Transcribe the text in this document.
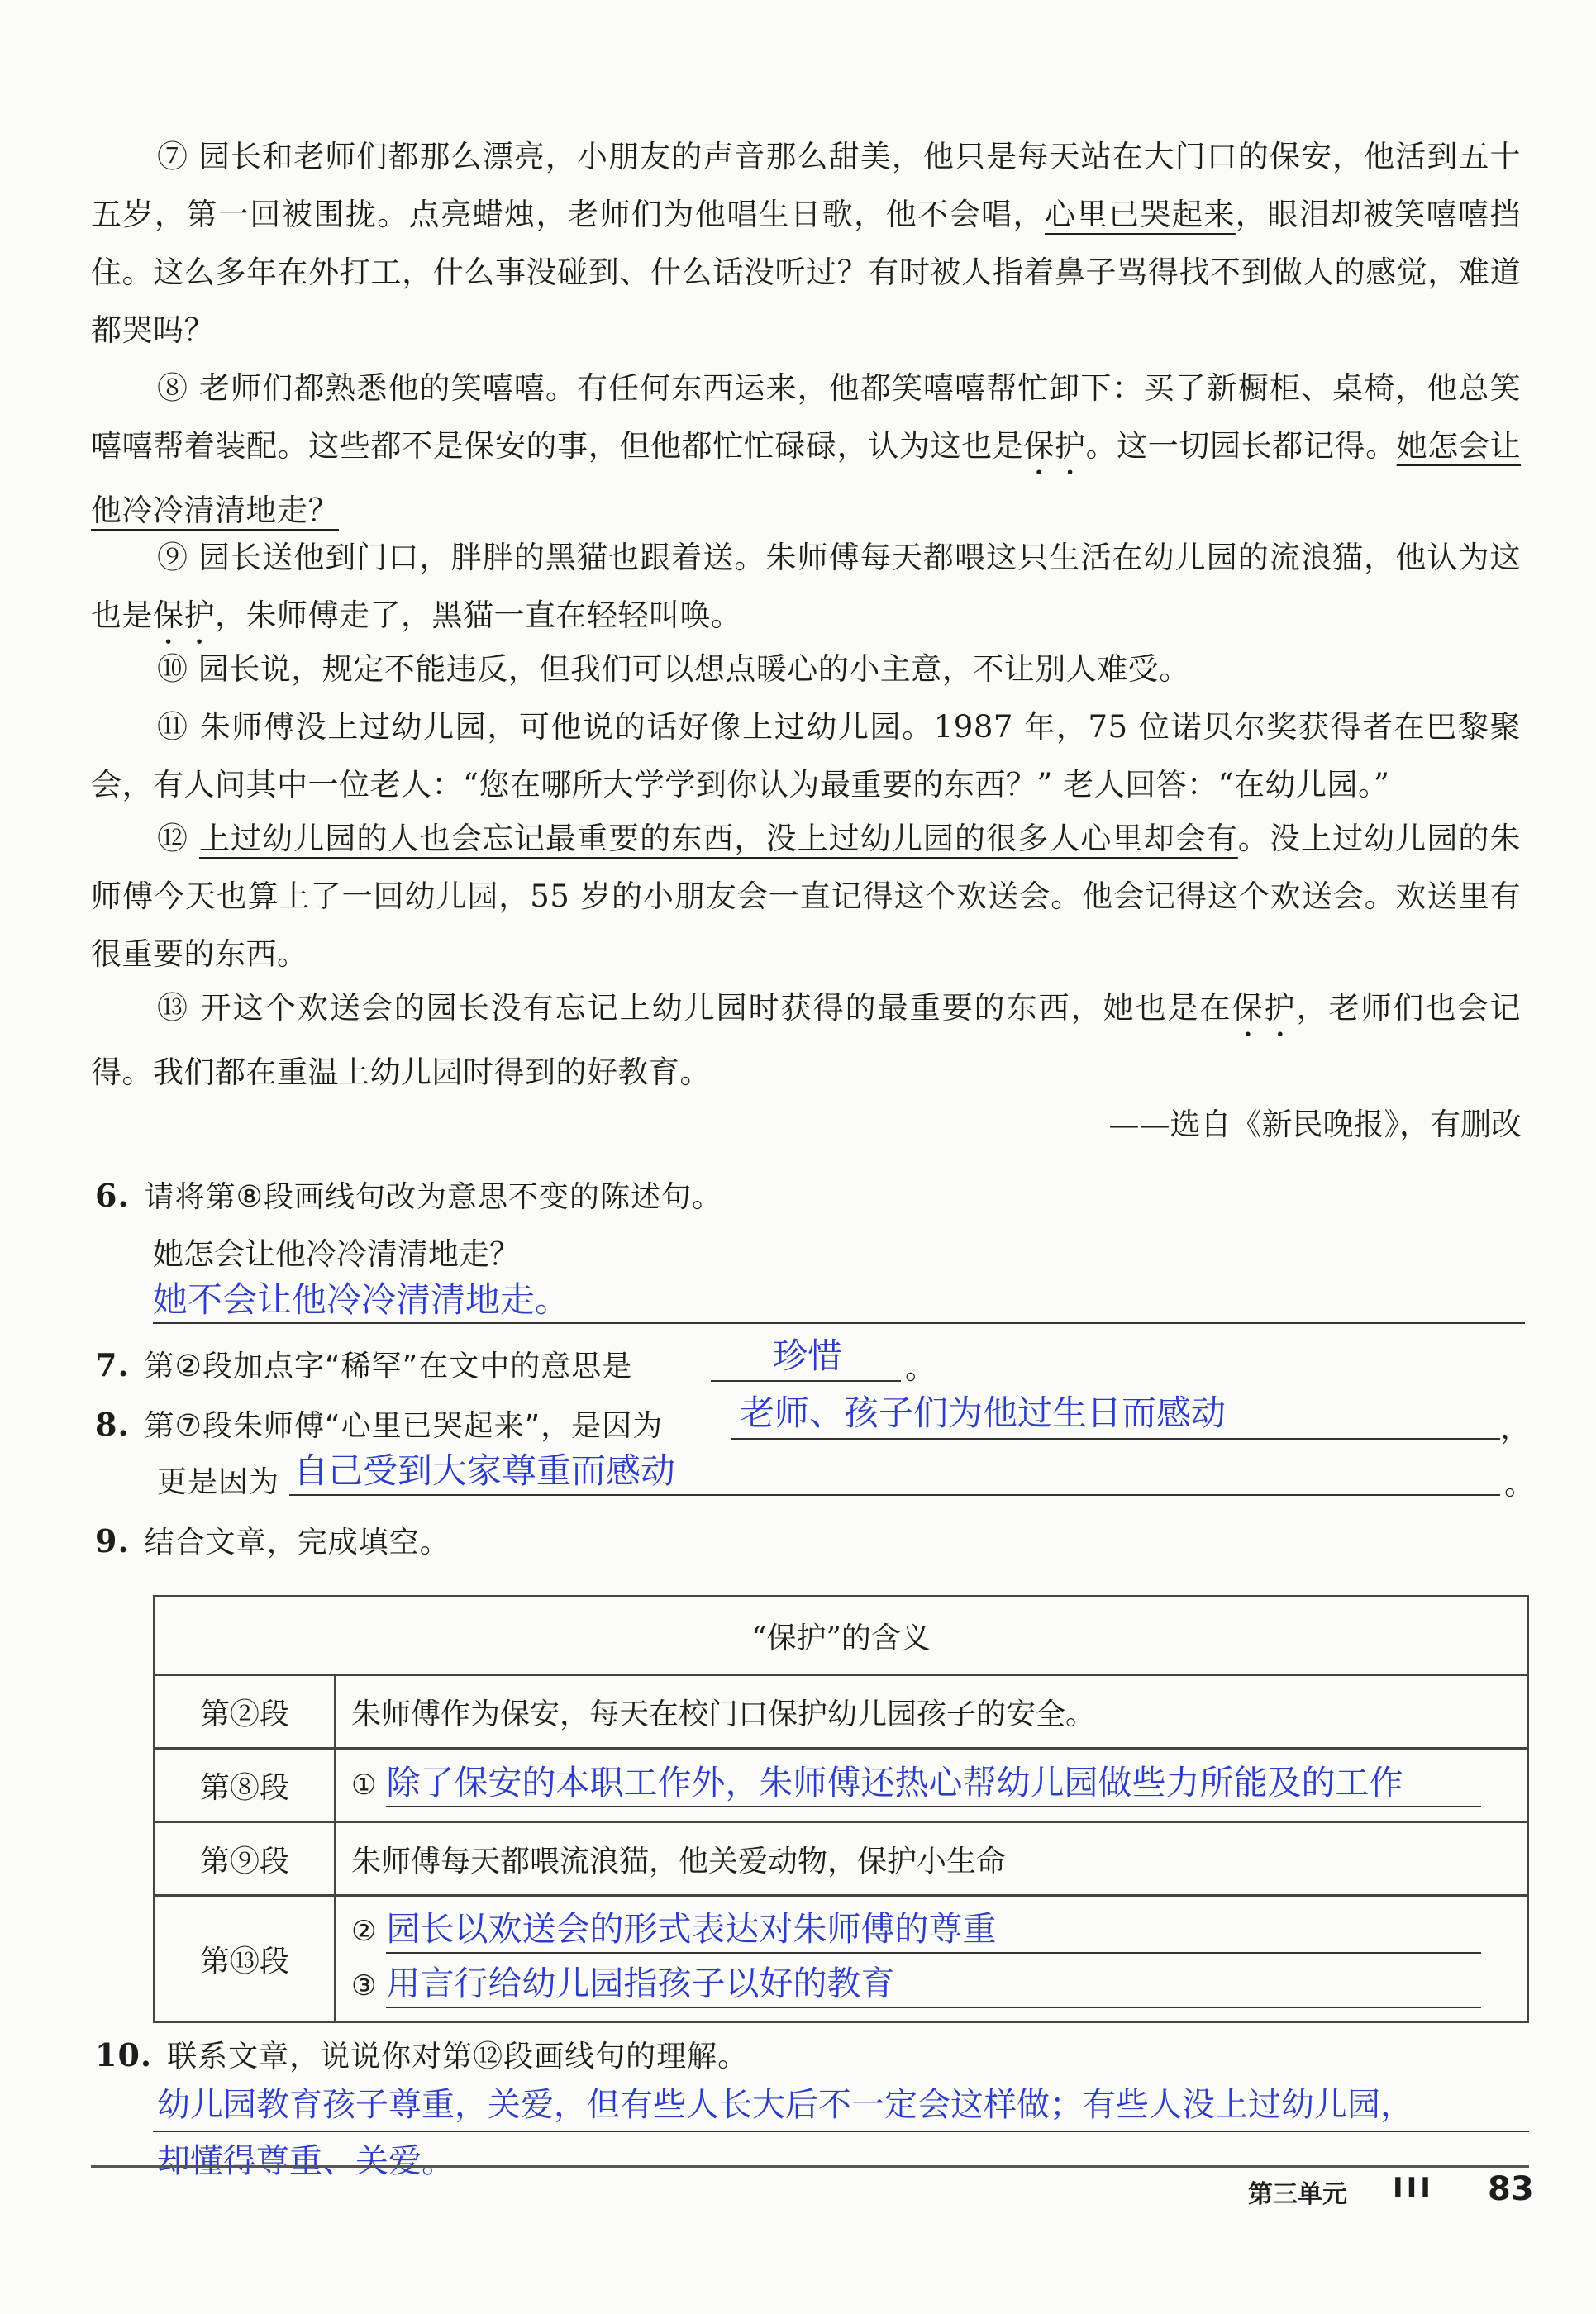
⑦ 园长和老师们都那么漂亮，小朋友的声音那么甜美，他只是每天站在大门口的保安，他活到五十五岁，第一回被围拢。点亮蜡烛，老师们为他唱生日歌，他不会唱，心里已哭起来，眼泪却被笑嘻嘻挡住。这么多年在外打工，什么事没碰到、什么话没听过？有时被人指着鼻子骂得找不到做人的感觉，难道都哭吗？

⑧ 老师们都熟悉他的笑嘻嘻。有任何东西运来，他都笑嘻嘻帮忙卸下：买了新橱柜、桌椅，他总笑嘻嘻帮着装配。这些都不是保安的事，但他都忙忙碌碌，认为这也是保护。这一切园长都记得。她怎会让他冷冷清清地走？

⑨ 园长送他到门口，胖胖的黑猫也跟着送。朱师傅每天都喂这只生活在幼儿园的流浪猫，他认为这也是保护，朱师傅走了，黑猫一直在轻轻叫唤。

⑩ 园长说，规定不能违反，但我们可以想点暖心的小主意，不让别人难受。

⑪ 朱师傅没上过幼儿园，可他说的话好像上过幼儿园。1987 年，75 位诺贝尔奖获得者在巴黎聚会，有人问其中一位老人：“您在哪所大学学到你认为最重要的东西？” 老人回答：“在幼儿园。”

⑫ 上过幼儿园的人也会忘记最重要的东西，没上过幼儿园的很多人心里却会有。没上过幼儿园的朱师傅今天也算上了一回幼儿园，55 岁的小朋友会一直记得这个欢送会。他会记得这个欢送会。欢送里有很重要的东西。

⑬ 开这个欢送会的园长没有忘记上幼儿园时获得的最重要的东西，她也是在保护，老师们也会记得。我们都在重温上幼儿园时得到的好教育。

——选自《新民晚报》，有删改
6. 请将第⑧段画线句改为意思不变的陈述句。
她怎会让他冷冷清清地走？
她不会让他冷冷清清地走。
7. 第②段加点字“稀罕”在文中的意思是	珍惜 。
8. 第⑦段朱师傅“心里已哭起来”，是因为 老师、孩子们为他过生日而感动	，
更是因为 自己受到大家尊重而感动	。
9. 结合文章，完成填空。
“保护”的含义	
第②段	朱师傅作为保安，每天在校门口保护幼儿园孩子的安全。
第⑧段	① 除了保安的本职工作外，朱师傅还热心帮幼儿园做些力所能及的工作

第⑨段	朱师傅每天都喂流浪猫，他关爱动物，保护小生命
第⑬段	② 园长以欢送会的形式表达对朱师傅的尊重
③ 用言行给幼儿园指孩子以好的教育
10. 联系文章，说说你对第⑫段画线句的理解。
幼儿园教育孩子尊重，关爱，但有些人长大后不一定会这样做；有些人没上过幼儿园，
却懂得尊重、关爱。
第三单元 III 83
